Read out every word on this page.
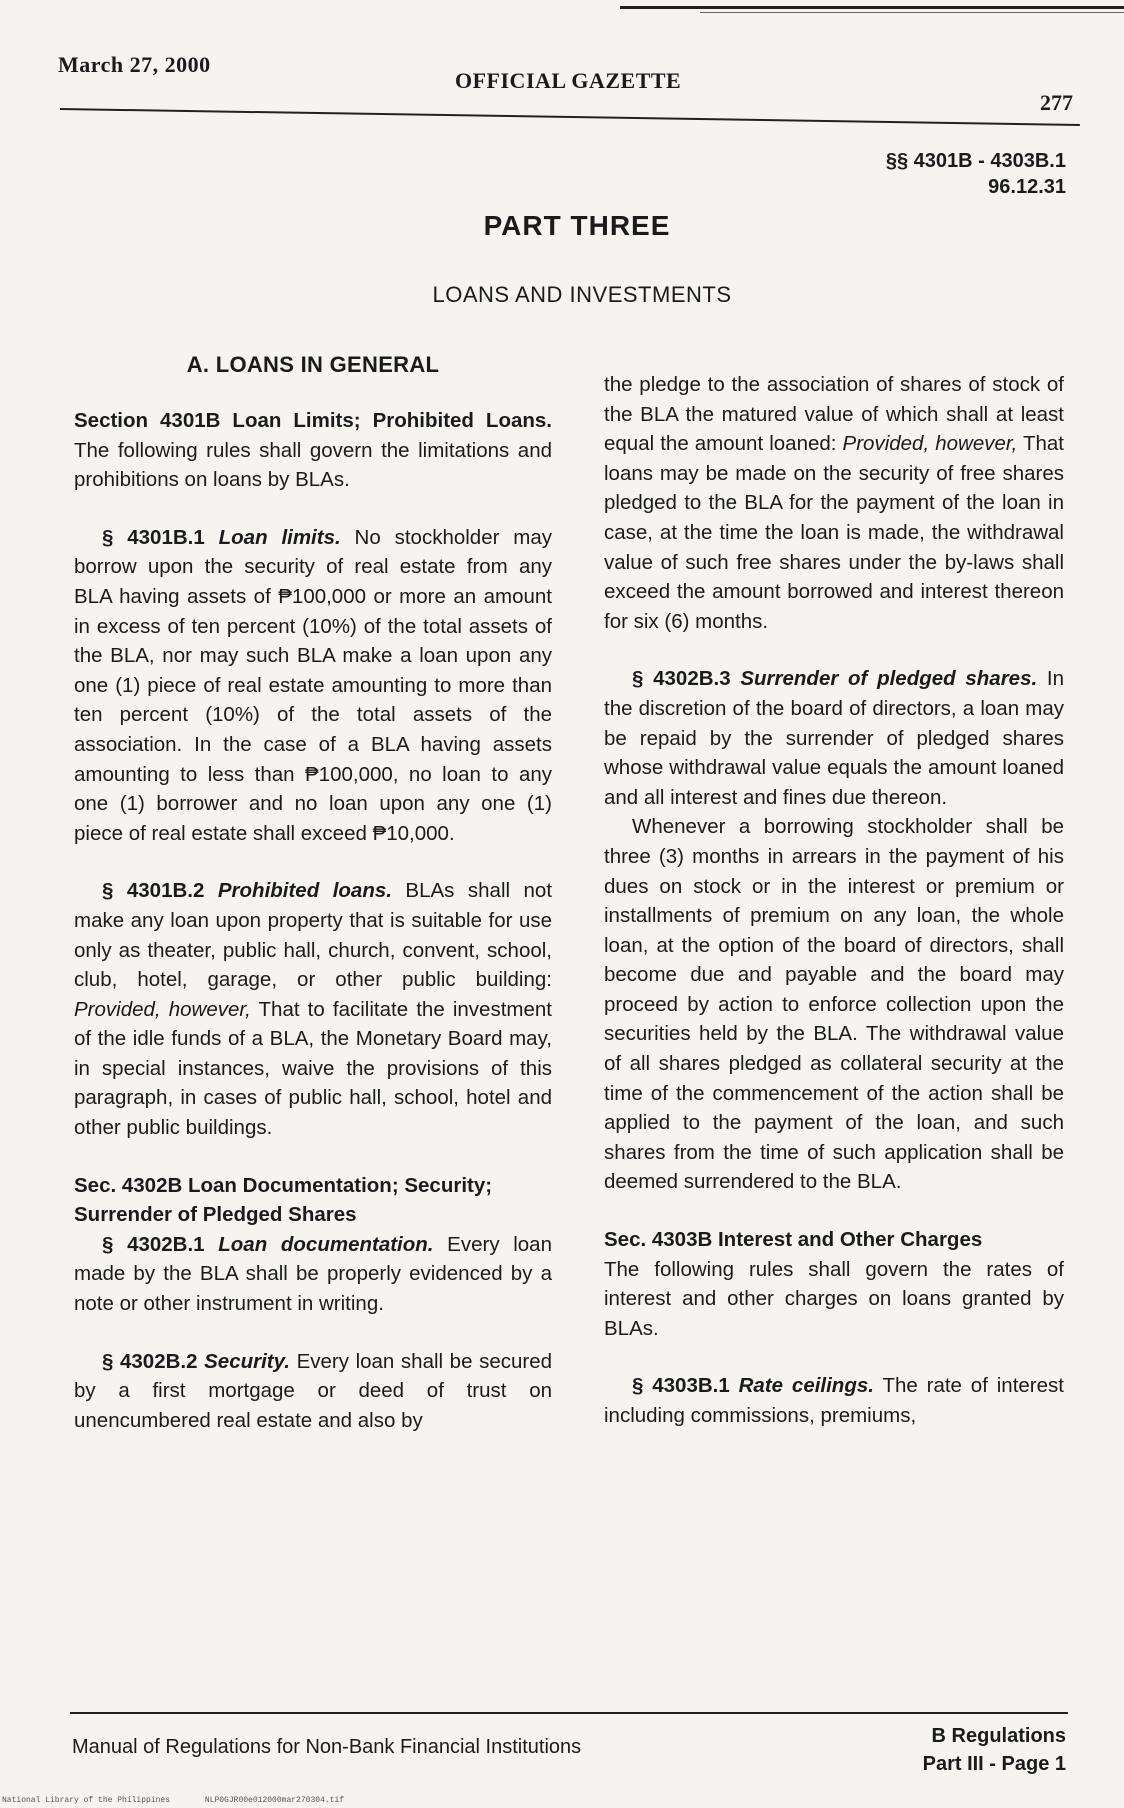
March 27, 2000
OFFICIAL GAZETTE
277
§§ 4301B - 4303B.1
96.12.31
PART THREE
LOANS AND INVESTMENTS
A. LOANS IN GENERAL

Section 4301B Loan Limits; Prohibited Loans. The following rules shall govern the limitations and prohibitions on loans by BLAs.

§ 4301B.1 Loan limits. No stockholder may borrow upon the security of real estate from any BLA having assets of ₱100,000 or more an amount in excess of ten percent (10%) of the total assets of the BLA, nor may such BLA make a loan upon any one (1) piece of real estate amounting to more than ten percent (10%) of the total assets of the association. In the case of a BLA having assets amounting to less than ₱100,000, no loan to any one (1) borrower and no loan upon any one (1) piece of real estate shall exceed ₱10,000.

§ 4301B.2 Prohibited loans. BLAs shall not make any loan upon property that is suitable for use only as theater, public hall, church, convent, school, club, hotel, garage, or other public building: Provided, however, That to facilitate the investment of the idle funds of a BLA, the Monetary Board may, in special instances, waive the provisions of this paragraph, in cases of public hall, school, hotel and other public buildings.

Sec. 4302B Loan Documentation; Security; Surrender of Pledged Shares

§ 4302B.1 Loan documentation. Every loan made by the BLA shall be properly evidenced by a note or other instrument in writing.

§ 4302B.2 Security. Every loan shall be secured by a first mortgage or deed of trust on unencumbered real estate and also by

the pledge to the association of shares of stock of the BLA the matured value of which shall at least equal the amount loaned: Provided, however, That loans may be made on the security of free shares pledged to the BLA for the payment of the loan in case, at the time the loan is made, the withdrawal value of such free shares under the by-laws shall exceed the amount borrowed and interest thereon for six (6) months.

§ 4302B.3 Surrender of pledged shares. In the discretion of the board of directors, a loan may be repaid by the surrender of pledged shares whose withdrawal value equals the amount loaned and all interest and fines due thereon.

Whenever a borrowing stockholder shall be three (3) months in arrears in the payment of his dues on stock or in the interest or premium or installments of premium on any loan, the whole loan, at the option of the board of directors, shall become due and payable and the board may proceed by action to enforce collection upon the securities held by the BLA. The withdrawal value of all shares pledged as collateral security at the time of the commencement of the action shall be applied to the payment of the loan, and such shares from the time of such application shall be deemed surrendered to the BLA.

Sec. 4303B Interest and Other Charges

The following rules shall govern the rates of interest and other charges on loans granted by BLAs.

§ 4303B.1 Rate ceilings. The rate of interest including commissions, premiums,

Manual of Regulations for Non-Bank Financial Institutions	B Regulations
Part III - Page 1
National Library of the Philippines	NLP0GJR00e012000mar270304.tif
